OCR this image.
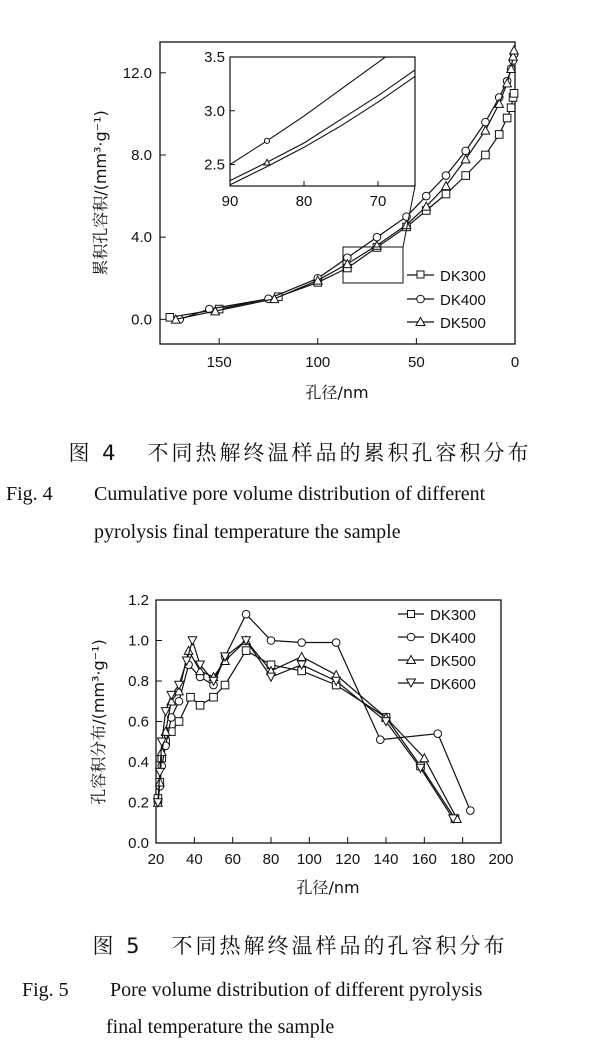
150	100	50	0
0.0
4.0
8.0
12.0
90	80	70
2.5
3.0
3.5
DK300
DK400
DK500
累积孔容积/(mm³·g⁻¹)
孔径/nm
20 40 60 80 100 120 140 160 180 200
0.0
0.2
0.4
0.6
0.8
1.0
1.2
DK300
DK400
DK500
DK600
孔容积分布/(mm³·g⁻¹)
孔径/nm
图 4 不同热解终温样品的累积孔容积分布
Fig. 4 Cumulative pore volume distribution of different
pyrolysis final temperature the sample
图 5 不同热解终温样品的孔容积分布
Fig. 5 Pore volume distribution of different pyrolysis
final temperature the sample
